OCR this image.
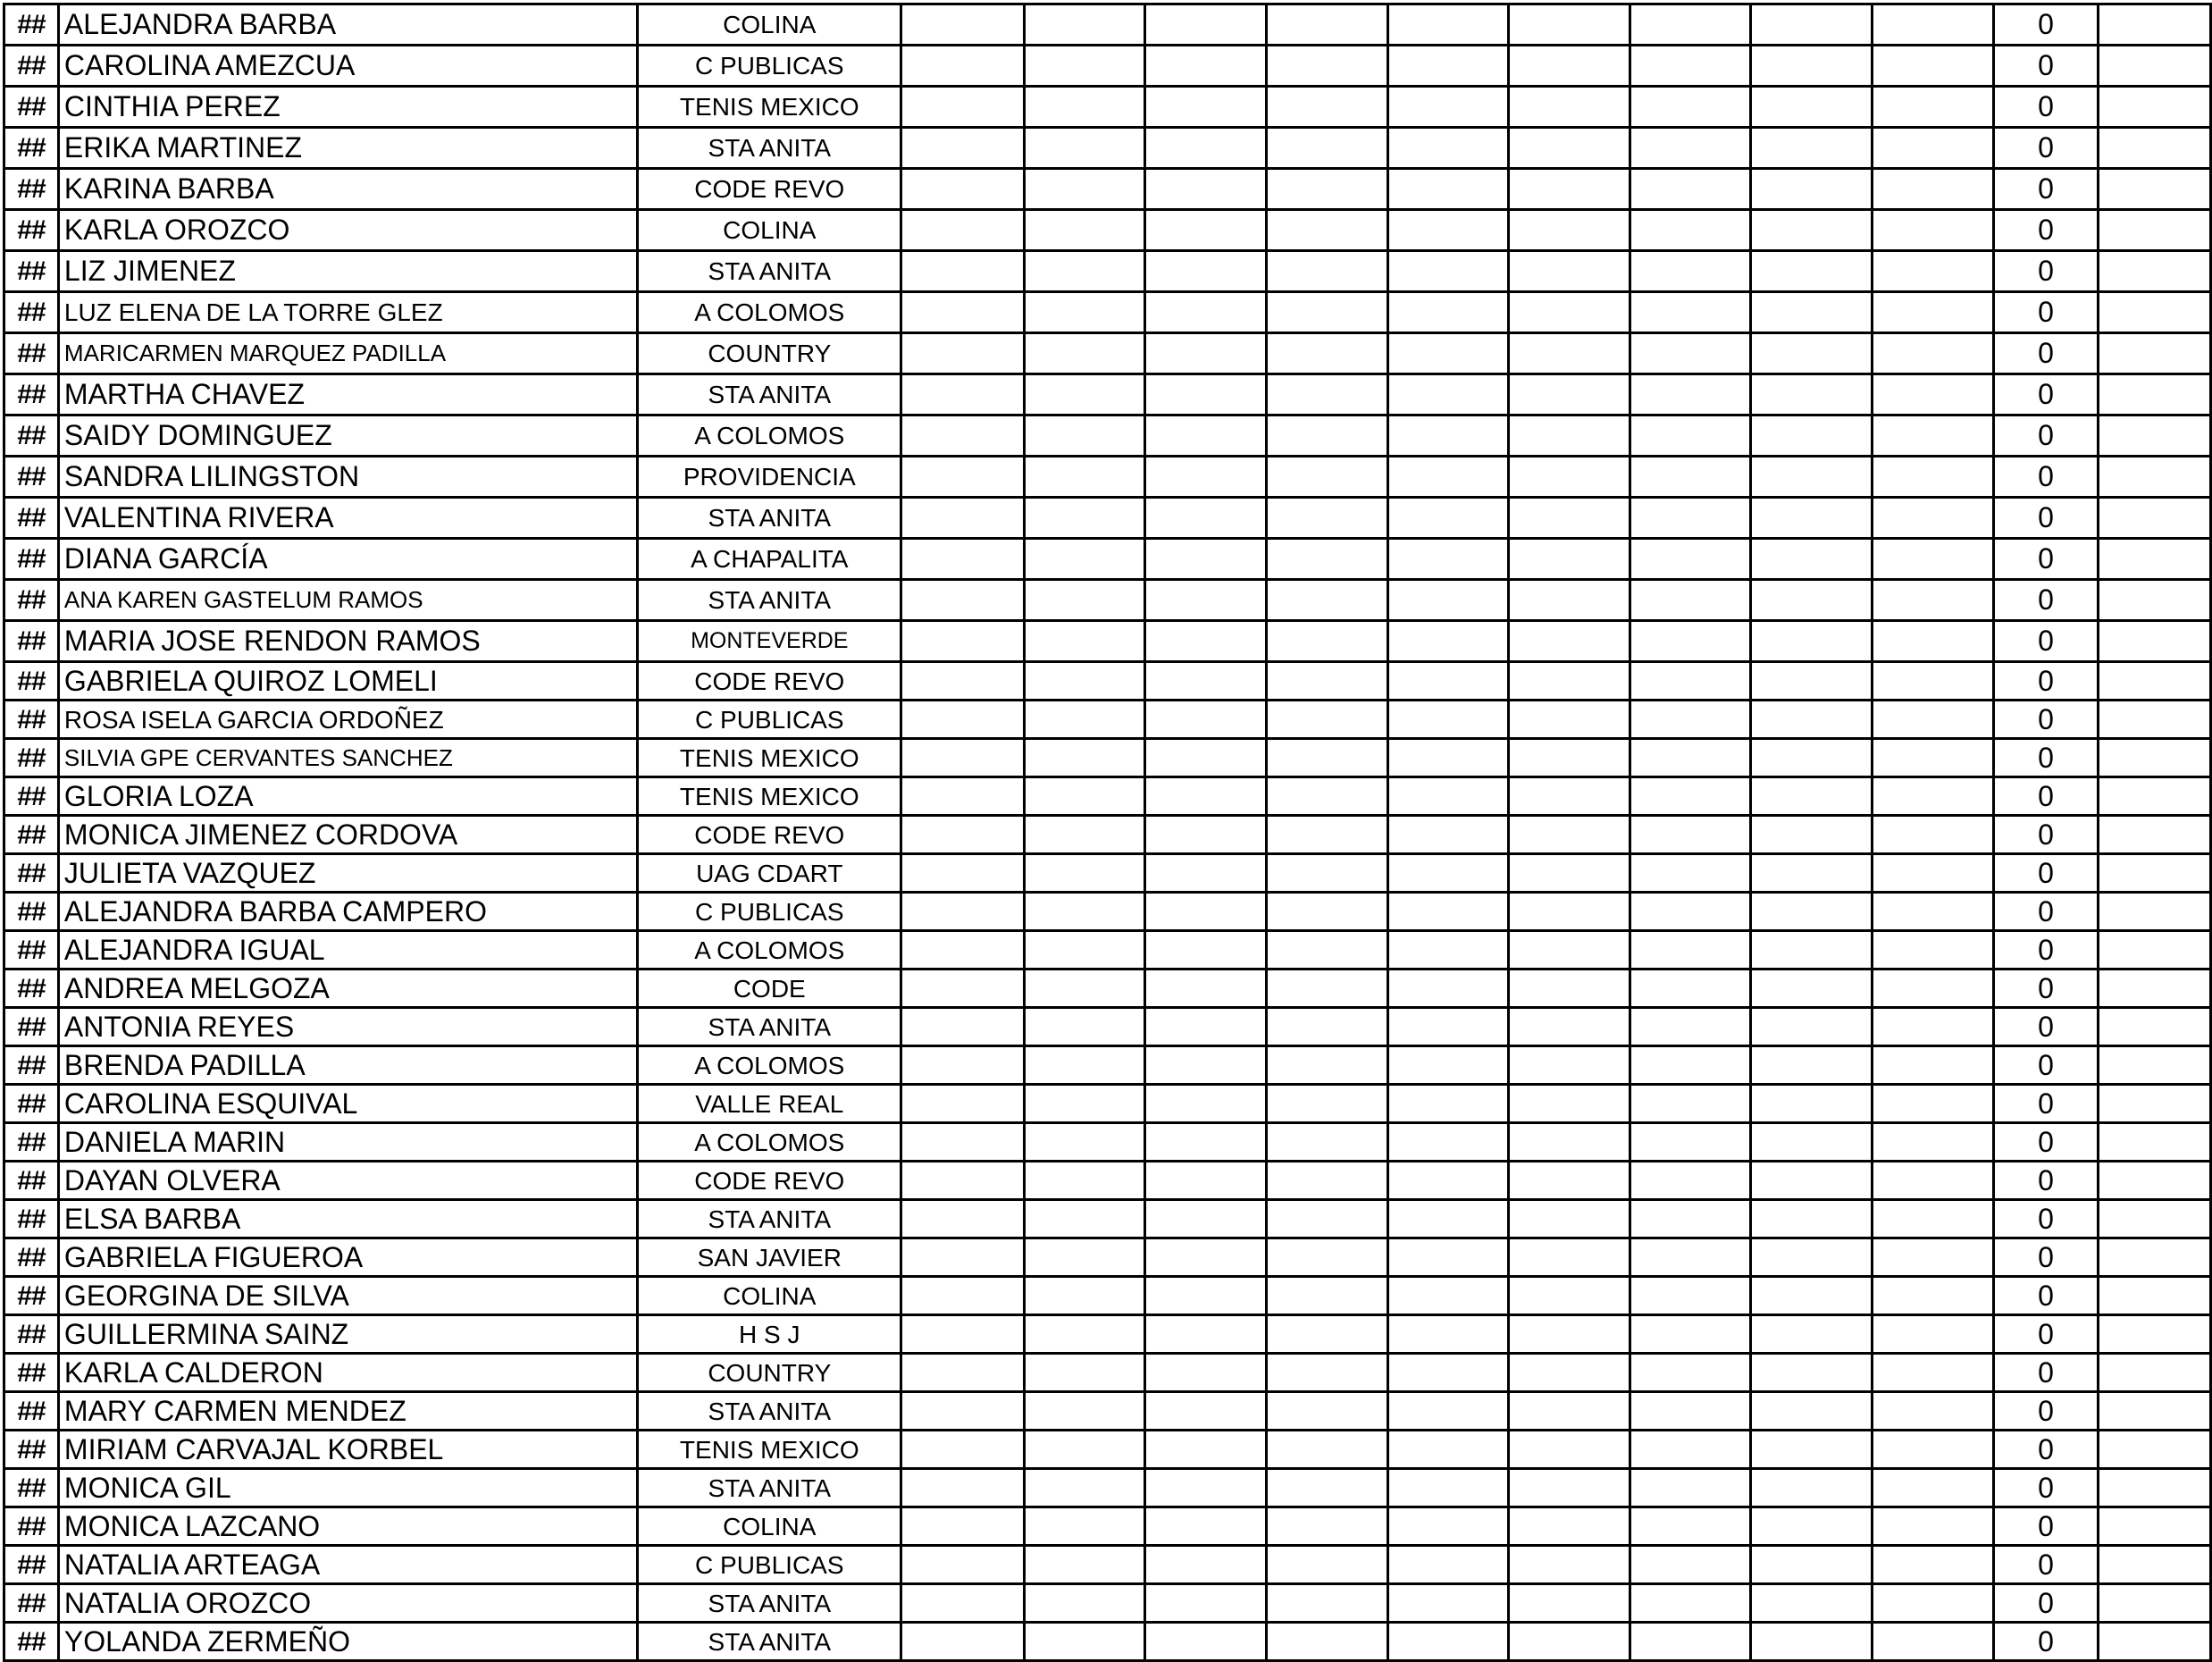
##	ALEJANDRA BARBA	COLINA										0	
##	CAROLINA AMEZCUA	C PUBLICAS										0	
##	CINTHIA PEREZ	TENIS MEXICO										0	
##	ERIKA MARTINEZ	STA ANITA										0	
##	KARINA BARBA	CODE REVO										0	
##	KARLA OROZCO	COLINA										0	
##	LIZ JIMENEZ	STA ANITA										0	
##	LUZ ELENA DE LA TORRE GLEZ	A COLOMOS										0	
##	MARICARMEN MARQUEZ PADILLA	COUNTRY										0	
##	MARTHA CHAVEZ	STA ANITA										0	
##	SAIDY DOMINGUEZ	A COLOMOS										0	
##	SANDRA LILINGSTON	PROVIDENCIA										0	
##	VALENTINA RIVERA	STA ANITA										0	
##	DIANA GARCÍA	A CHAPALITA										0	
##	ANA KAREN GASTELUM RAMOS	STA ANITA										0	
##	MARIA JOSE RENDON RAMOS	MONTEVERDE										0	
##	GABRIELA QUIROZ LOMELI	CODE REVO										0	
##	ROSA ISELA GARCIA ORDOÑEZ	C PUBLICAS										0	
##	SILVIA GPE CERVANTES SANCHEZ	TENIS MEXICO										0	
##	GLORIA LOZA	TENIS MEXICO										0	
##	MONICA JIMENEZ CORDOVA	CODE REVO										0	
##	JULIETA VAZQUEZ	UAG CDART										0	
##	ALEJANDRA BARBA CAMPERO	C PUBLICAS										0	
##	ALEJANDRA IGUAL	A COLOMOS										0	
##	ANDREA MELGOZA	CODE										0	
##	ANTONIA REYES	STA ANITA										0	
##	BRENDA PADILLA	A COLOMOS										0	
##	CAROLINA ESQUIVAL	VALLE REAL										0	
##	DANIELA MARIN	A COLOMOS										0	
##	DAYAN OLVERA	CODE REVO										0	
##	ELSA BARBA	STA ANITA										0	
##	GABRIELA FIGUEROA	SAN JAVIER										0	
##	GEORGINA DE SILVA	COLINA										0	
##	GUILLERMINA SAINZ	H S J										0	
##	KARLA CALDERON	COUNTRY										0	
##	MARY CARMEN MENDEZ	STA ANITA										0	
##	MIRIAM CARVAJAL KORBEL	TENIS MEXICO										0	
##	MONICA GIL	STA ANITA										0	
##	MONICA LAZCANO	COLINA										0	
##	NATALIA ARTEAGA	C PUBLICAS										0	
##	NATALIA OROZCO	STA ANITA										0	
##	YOLANDA ZERMEÑO	STA ANITA										0	
